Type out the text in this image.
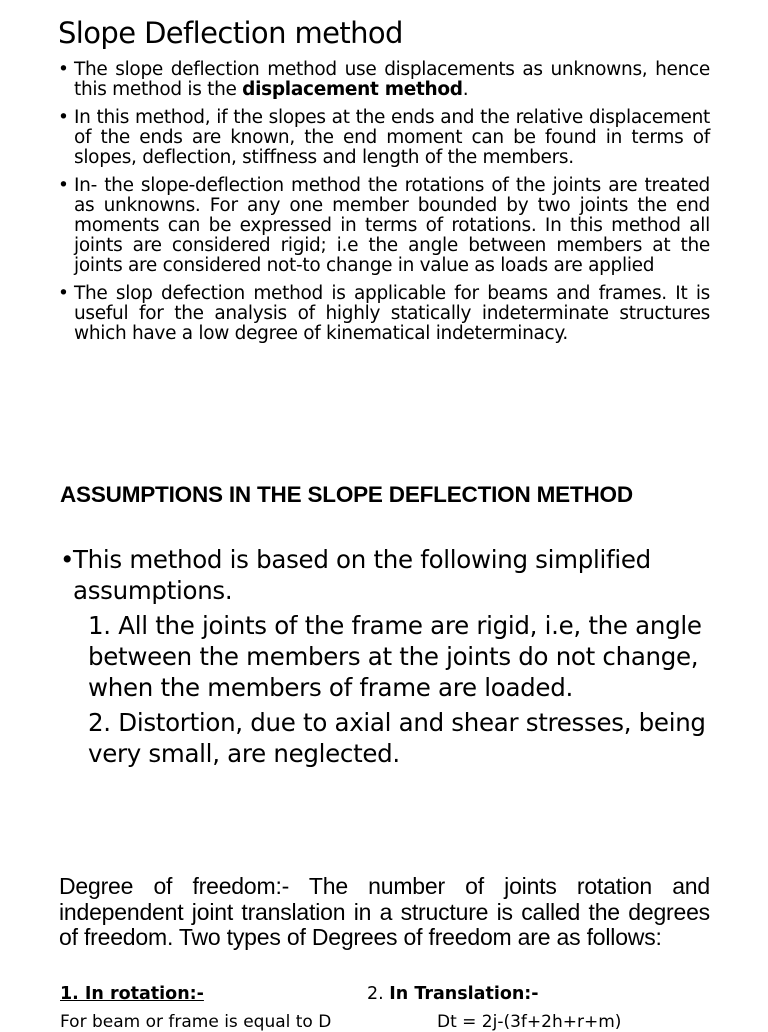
Slope Deflection method
• The slope deflection method use displacements as unknowns, hence this method is the displacement method.
• In this method, if the slopes at the ends and the relative displacement of the ends are known, the end moment can be found in terms of slopes, deflection, stiffness and length of the members.
• In- the slope-deflection method the rotations of the joints are treated as unknowns. For any one member bounded by two joints the end moments can be expressed in terms of rotations. In this method all joints are considered rigid; i.e the angle between members at the joints are considered not-to change in value as loads are applied
• The slop defection method is applicable for beams and frames. It is useful for the analysis of highly statically indeterminate structures which have a low degree of kinematical indeterminacy.
ASSUMPTIONS IN THE SLOPE DEFLECTION METHOD

• This method is based on the following simplified assumptions.

1. All the joints of the frame are rigid, i.e, the angle between the members at the joints do not change, when the members of frame are loaded.

2. Distortion, due to axial and shear stresses, being very small, are neglected.

Degree of freedom:- The number of joints rotation and independent joint translation in a structure is called the degrees of freedom. Two types of Degrees of freedom are as follows:

1. In rotation:-	2. In Translation:-
For beam or frame is equal to D	Dt = 2j-(3f+2h+r+m)
